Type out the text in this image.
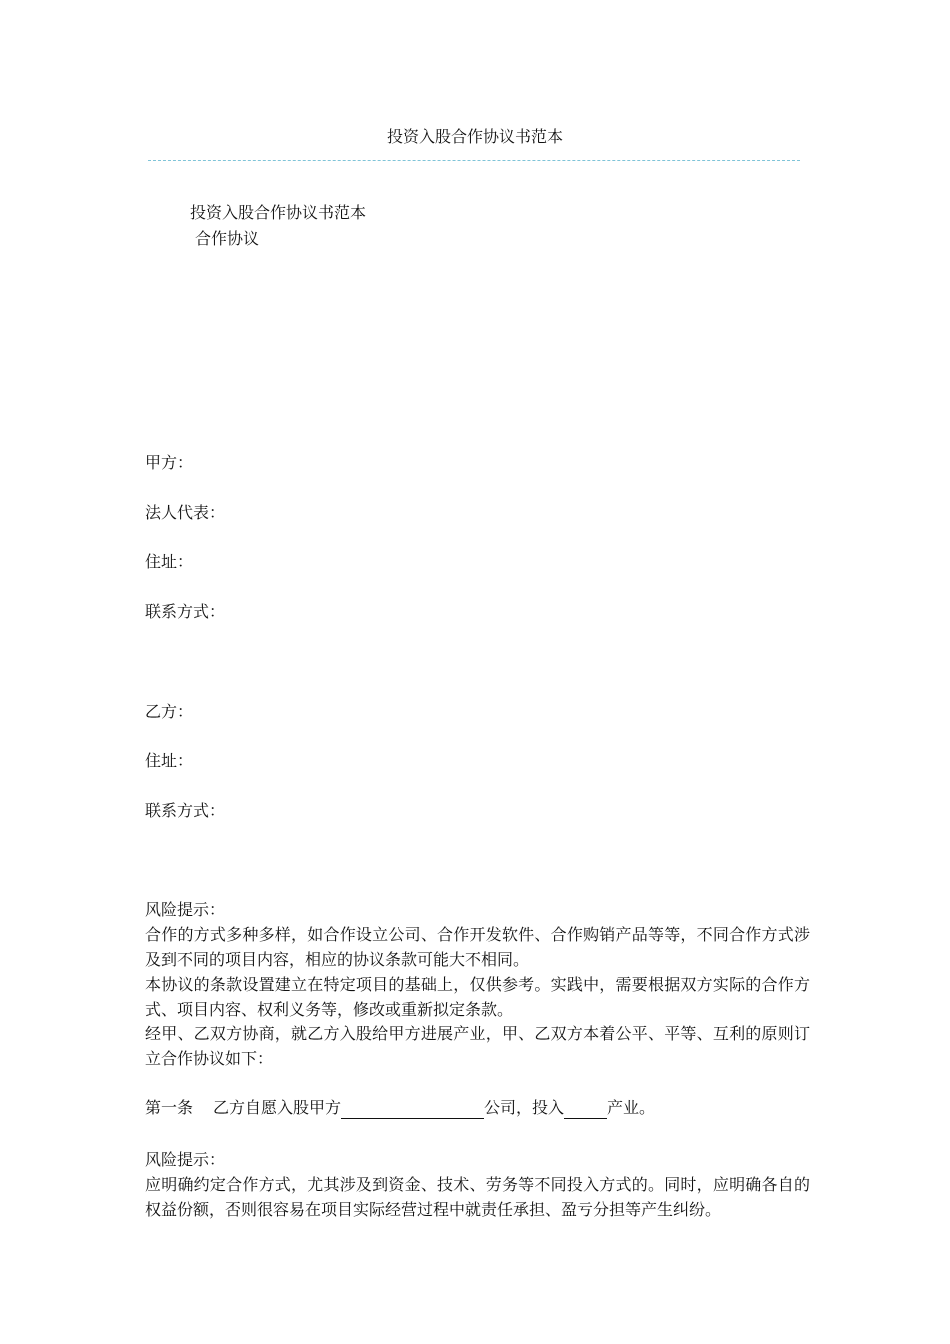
投资入股合作协议书范本
投资入股合作协议书范本
合作协议
甲方：
法人代表：
住址：
联系方式：
乙方：
住址：
联系方式：
风险提示：
合作的方式多种多样，如合作设立公司、合作开发软件、合作购销产品等等，不同合作方式涉及到不同的项目内容，相应的协议条款可能大不相同。
本协议的条款设置建立在特定项目的基础上，仅供参考。实践中，需要根据双方实际的合作方式、项目内容、权利义务等，修改或重新拟定条款。
经甲、乙双方协商，就乙方入股给甲方进展产业，甲、乙双方本着公平、平等、互利的原则订立合作协议如下：
第一条 乙方自愿入股甲方	公司，投入	产业。
风险提示：
应明确约定合作方式，尤其涉及到资金、技术、劳务等不同投入方式的。同时，应明确各自的权益份额，否则很容易在项目实际经营过程中就责任承担、盈亏分担等产生纠纷。
